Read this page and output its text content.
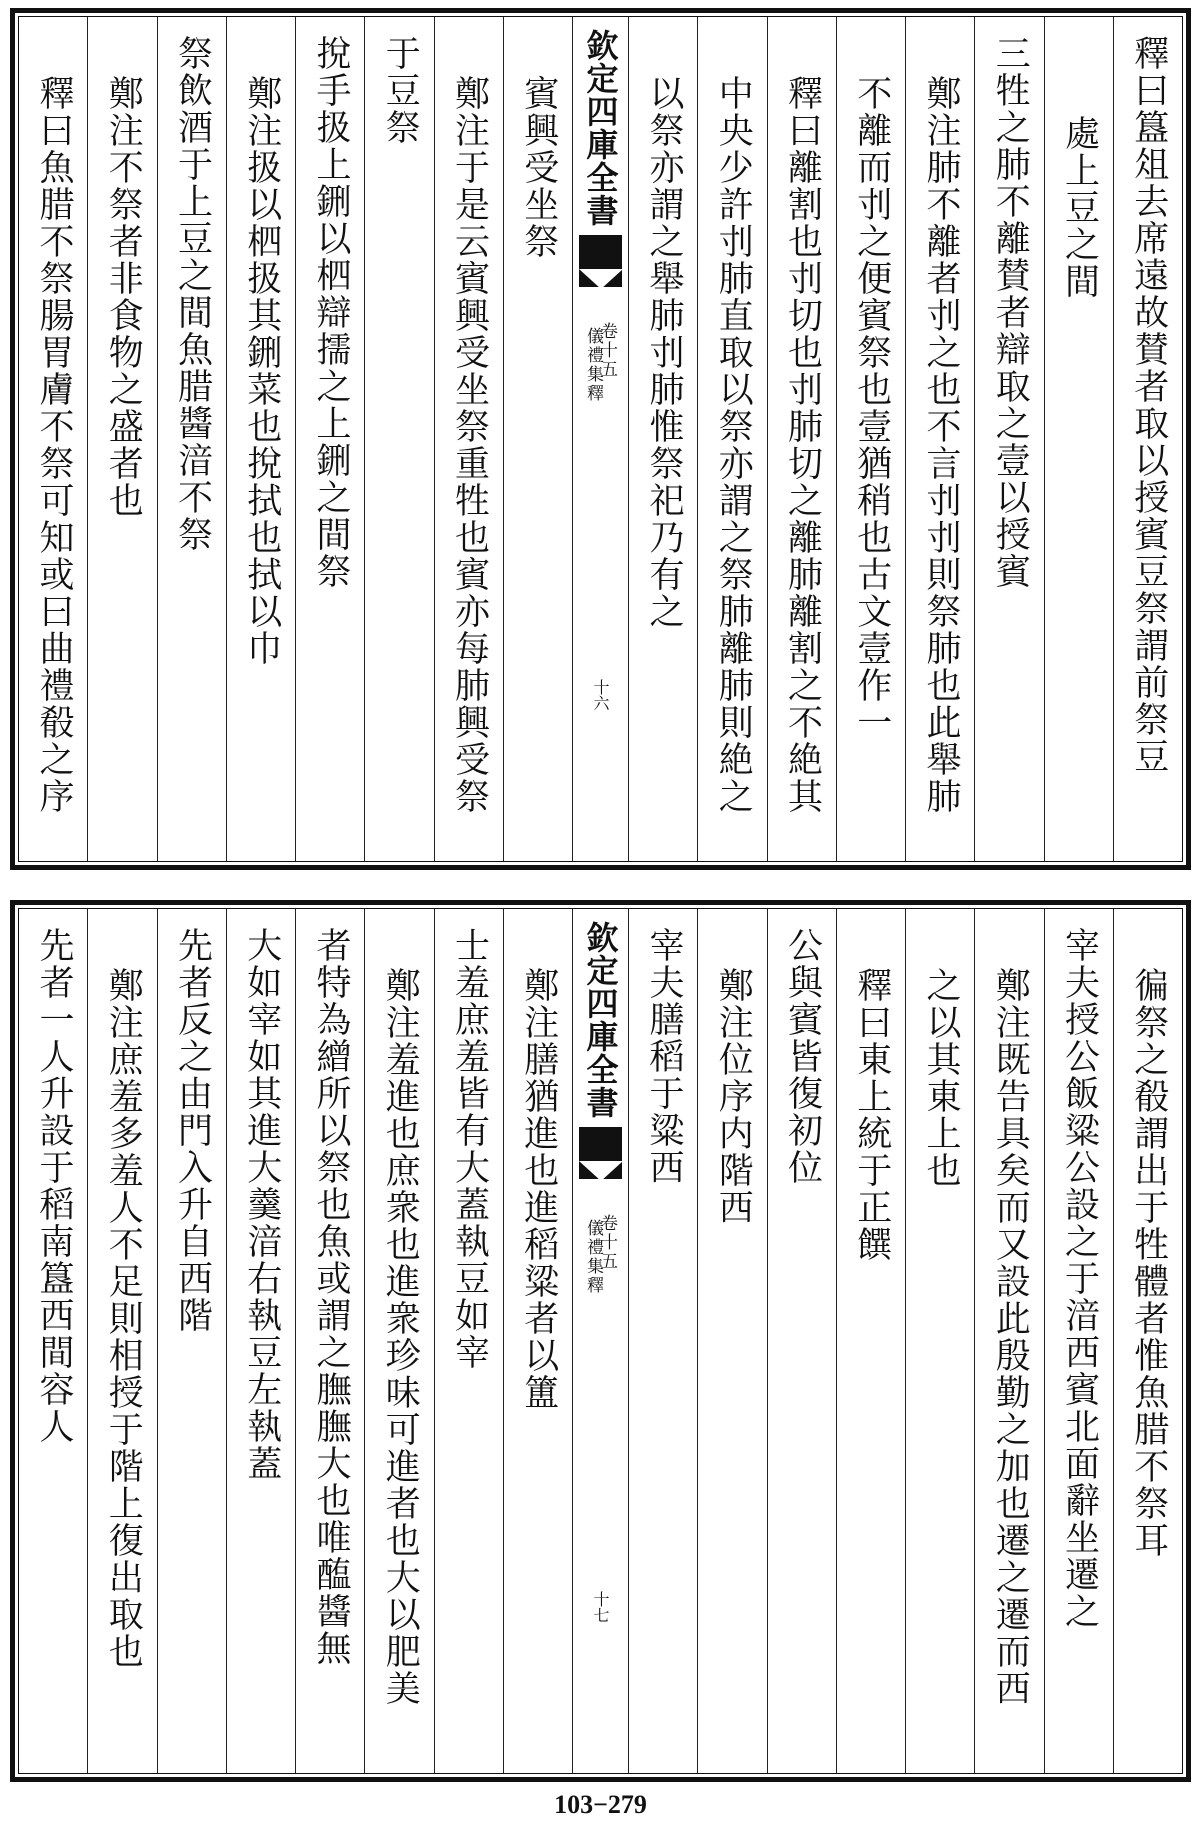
釋曰簋俎去席遠故賛者取以授賓豆祭謂前祭豆
處上豆之間
三牲之肺不離賛者辯取之壹以授賓
鄭注肺不離者刌之也不言刌刌則祭肺也此舉肺
不離而刌之便賓祭也壹猶稍也古文壹作一
釋曰離割也刌切也刌肺切之離肺離割之不絶其
中央少許刌肺直取以祭亦謂之祭肺離肺則絶之
以祭亦謂之舉肺刌肺惟祭祀乃有之
欽定四庫全書
儀禮集釋
卷十五
十六
賓興受坐祭
鄭注于是云賓興受坐祭重牲也賓亦每肺興受祭
于豆祭
挩手扱上鉶以柶辯擩之上鉶之間祭
鄭注扱以柶扱其鉶菜也挩拭也拭以巾
祭飲酒于上豆之間魚腊醬湆不祭
鄭注不祭者非食物之盛者也
釋曰魚腊不祭腸胃膚不祭可知或曰曲禮殽之序
徧祭之殽謂出于牲體者惟魚腊不祭耳
宰夫授公飯粱公設之于湆西賓北面辭坐遷之
鄭注既告具矣而又設此殷勤之加也遷之遷而西
之以其東上也
釋曰東上統于正饌
公與賓皆復初位
鄭注位序内階西
宰夫膳稻于粱西
欽定四庫全書
儀禮集釋
卷十五
十七
鄭注膳猶進也進稻粱者以簠
士羞庶羞皆有大蓋執豆如宰
鄭注羞進也庶衆也進衆珍味可進者也大以肥美
者特為繒所以祭也魚或謂之膴膴大也唯醢醬無
大如宰如其進大羹湆右執豆左執蓋
先者反之由門入升自西階
鄭注庶羞多羞人不足則相授于階上復出取也
先者一人升設于稻南簋西間容人
103−279
